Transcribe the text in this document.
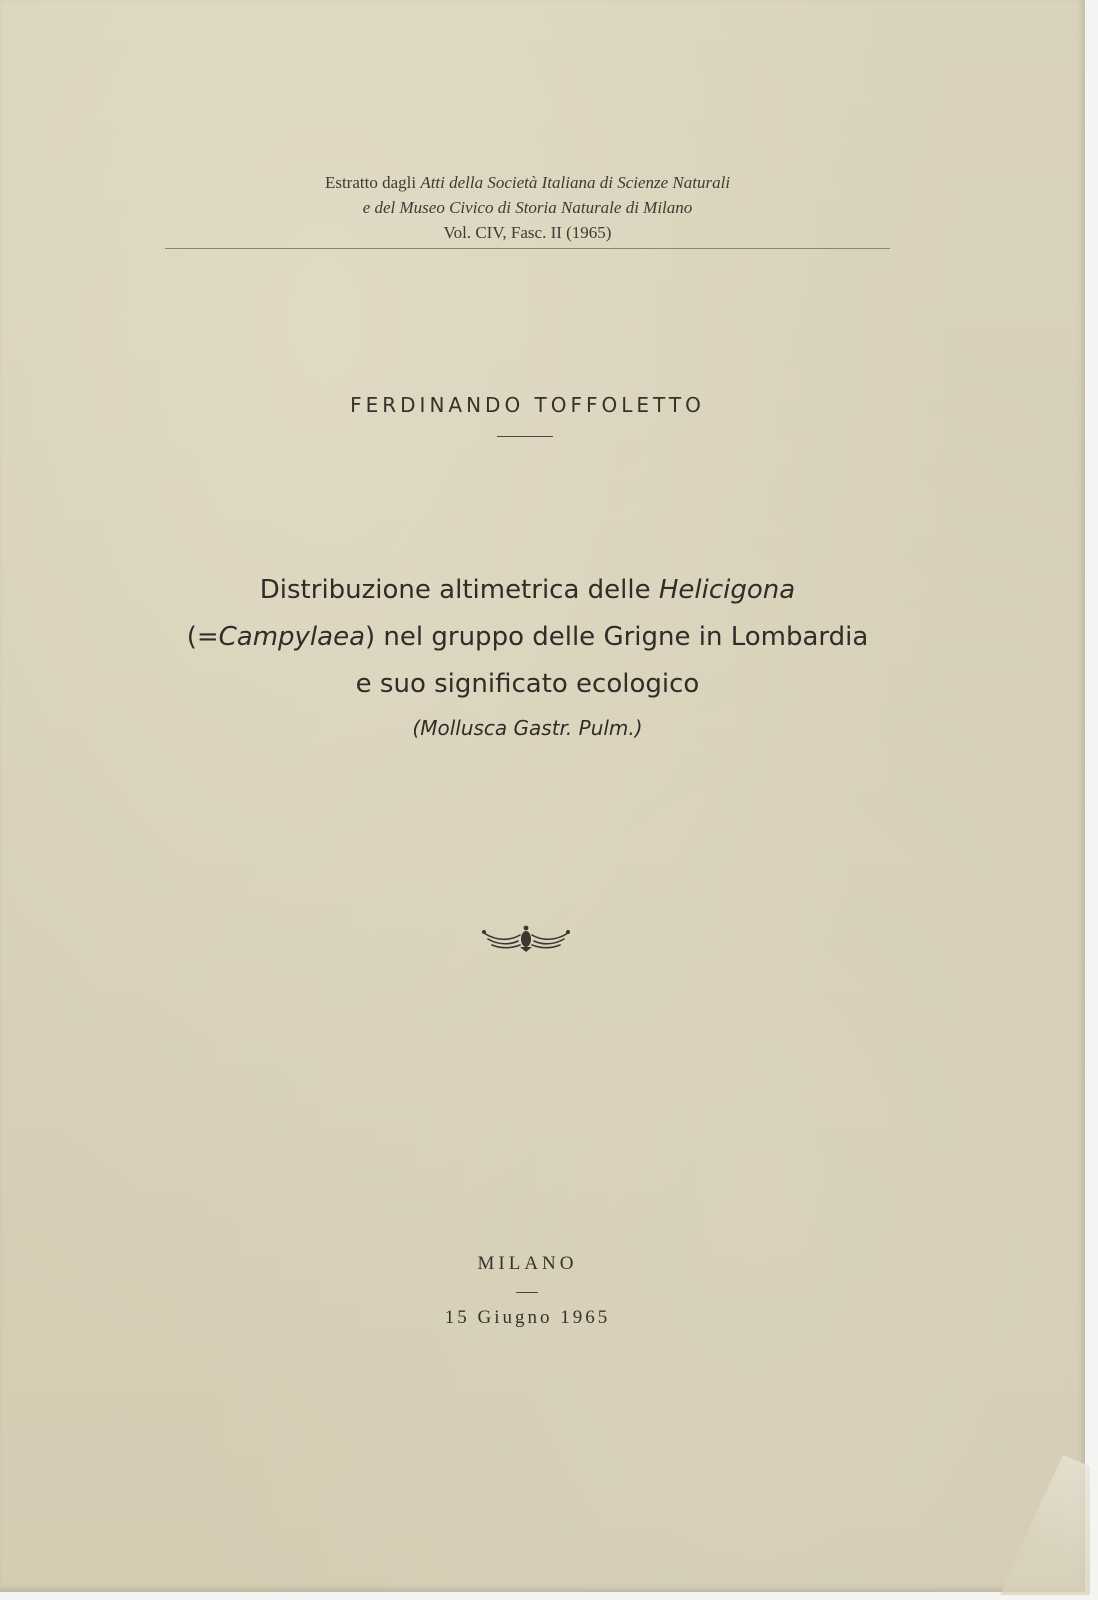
Estratto dagli Atti della Società Italiana di Scienze Naturali
e del Museo Civico di Storia Naturale di Milano
Vol. CIV, Fasc. II (1965)
FERDINANDO TOFFOLETTO
Distribuzione altimetrica delle Helicigona
(=Campylaea) nel gruppo delle Grigne in Lombardia
e suo significato ecologico
(Mollusca Gastr. Pulm.)
MILANO
15 Giugno 1965
